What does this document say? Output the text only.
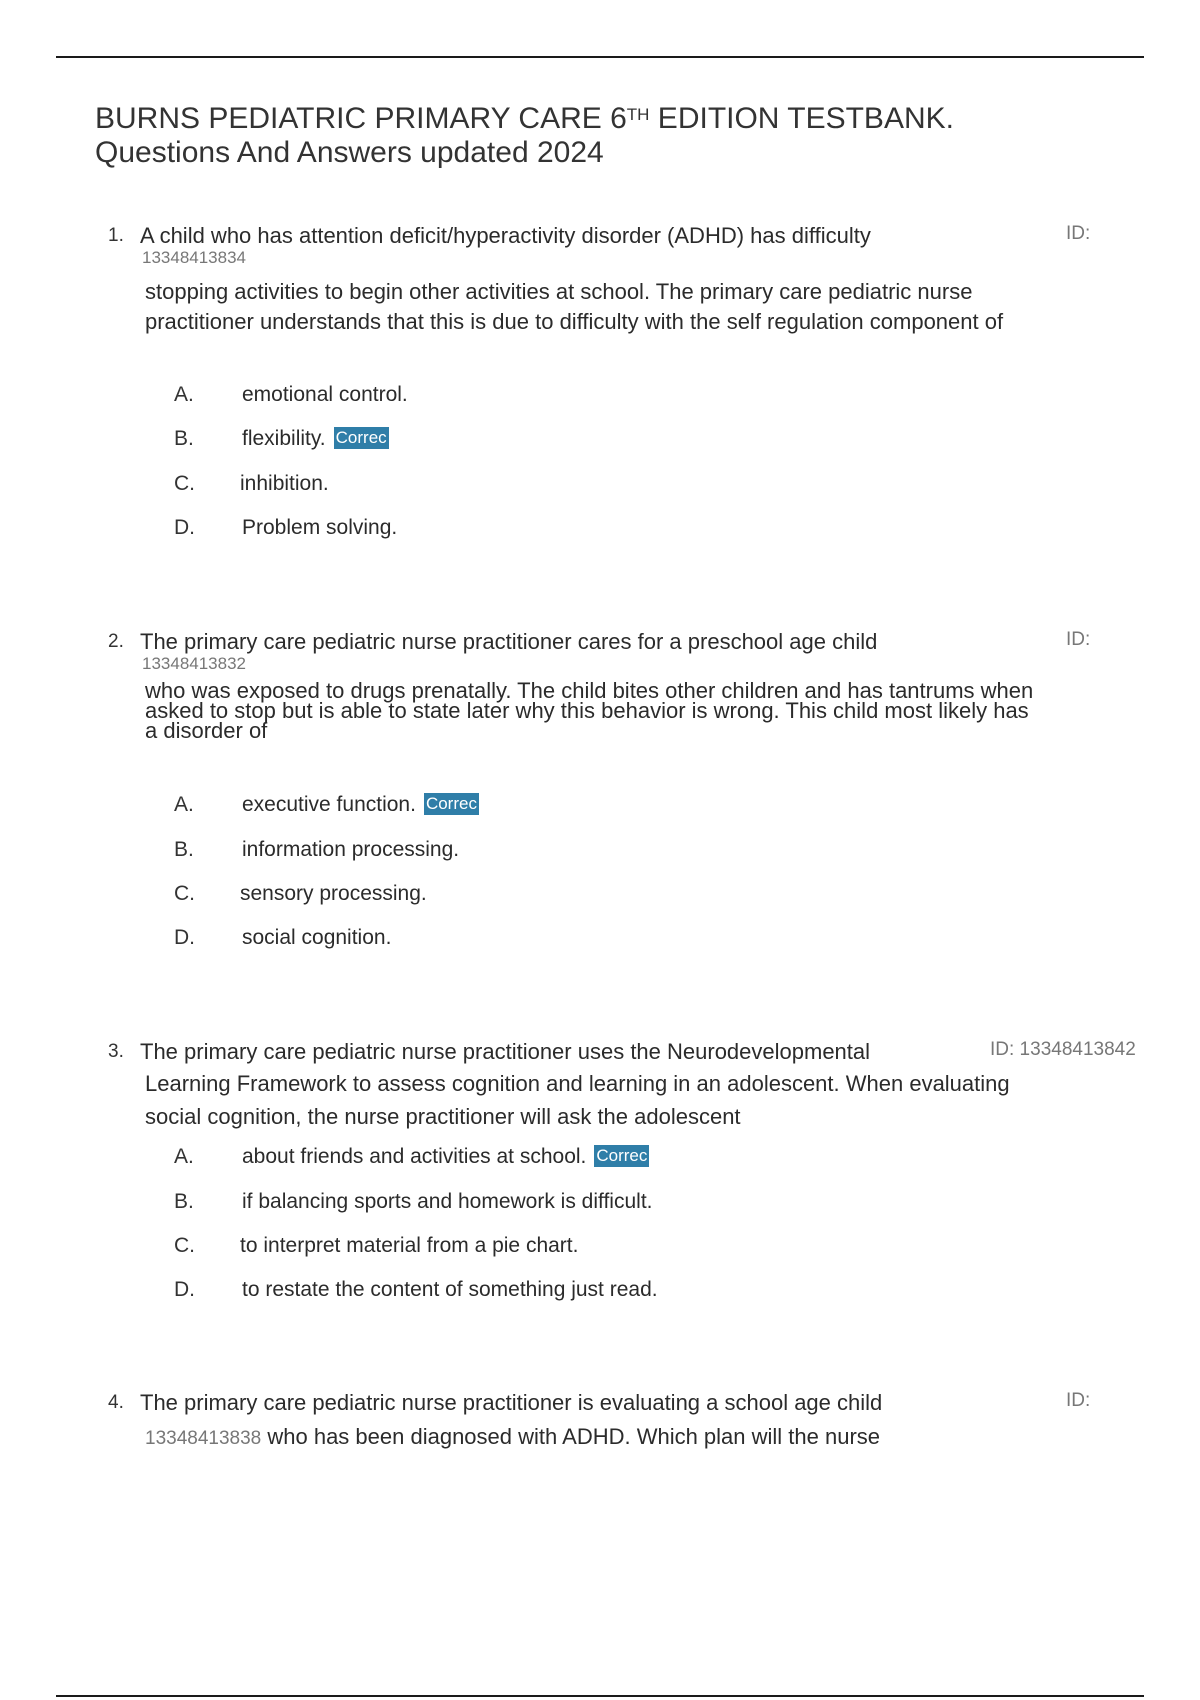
BURNS PEDIATRIC PRIMARY CARE 6TH EDITION TESTBANK.
Questions And Answers updated 2024
1. A child who has attention deficit/hyperactivity disorder (ADHD) has difficulty	ID:
13348413834

stopping activities to begin other activities at school. The primary care pediatric nurse practitioner understands that this is due to difficulty with the self regulation component of

A. emotional control.
B. flexibility. Correc
C. inhibition.
D. Problem solving.
2. The primary care pediatric nurse practitioner cares for a preschool age child	ID:
13348413832

who was exposed to drugs prenatally. The child bites other children and has tantrums when asked to stop but is able to state later why this behavior is wrong. This child most likely has a disorder of

A. executive function. Correc
B. information processing.
C. sensory processing.
D. social cognition.
3. The primary care pediatric nurse practitioner uses the Neurodevelopmental	ID: 13348413842

Learning Framework to assess cognition and learning in an adolescent. When evaluating social cognition, the nurse practitioner will ask the adolescent

A. about friends and activities at school. Correc
B. if balancing sports and homework is difficult.
C. to interpret material from a pie chart.
D. to restate the content of something just read.
4. The primary care pediatric nurse practitioner is evaluating a school age child	ID:

13348413838 who has been diagnosed with ADHD. Which plan will the nurse
